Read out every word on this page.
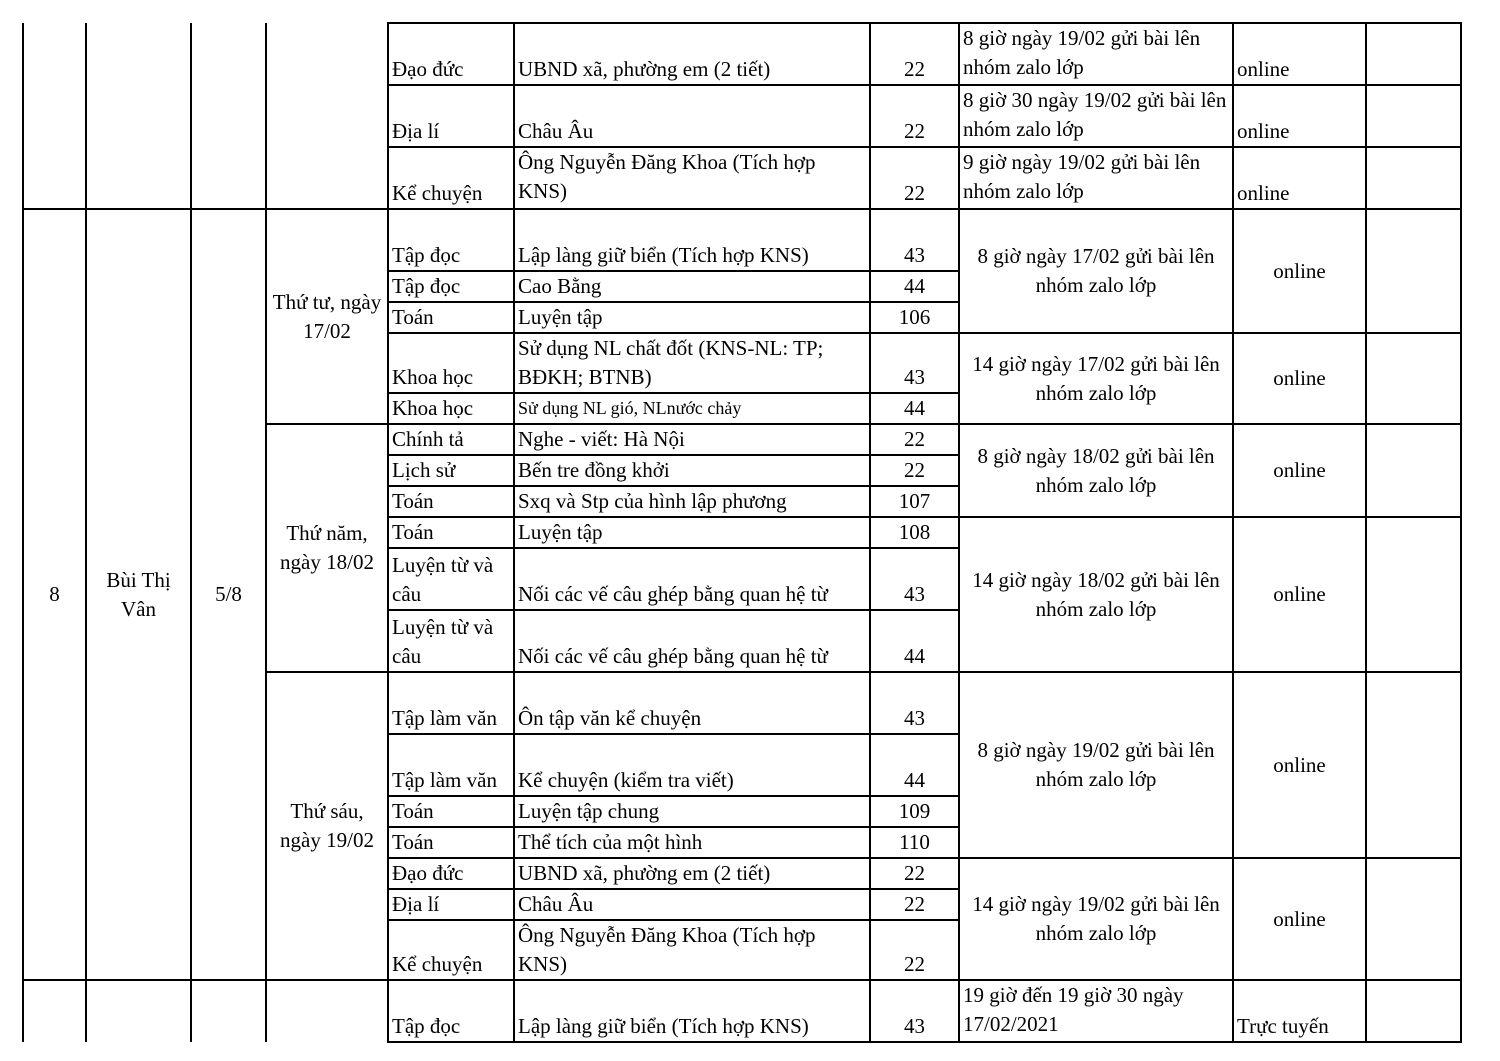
				Đạo đức	UBND xã, phường em (2 tiết)	22	8 giờ ngày 19/02 gửi bài lên nhóm zalo lớp	online	
				Địa lí	Châu Âu	22	8 giờ 30 ngày 19/02 gửi bài lên nhóm zalo lớp	online	
				Kể chuyện	Ông Nguyễn Đăng Khoa (Tích hợp KNS)	22	9 giờ ngày 19/02 gửi bài lên nhóm zalo lớp	online	
8	Bùi Thị Vân	5/8	Thứ tư, ngày 17/02	Tập đọc	Lập làng giữ biển (Tích hợp KNS)	43	8 giờ ngày 17/02 gửi bài lên nhóm zalo lớp	online	
				Tập đọc	Cao Bằng	44			
				Toán	Luyện tập	106			
				Khoa học	Sử dụng NL chất đốt (KNS-NL: TP; BĐKH; BTNB)	43	14 giờ ngày 17/02 gửi bài lên nhóm zalo lớp	online	
				Khoa học	Sử dụng NL gió, NLnước chảy	44			
			Thứ năm, ngày 18/02	Chính tả	Nghe - viết: Hà Nội	22	8 giờ ngày 18/02 gửi bài lên nhóm zalo lớp	online	
				Lịch sử	Bến tre đồng khởi	22			
				Toán	Sxq và Stp của hình lập phương	107			
				Toán	Luyện tập	108	14 giờ ngày 18/02 gửi bài lên nhóm zalo lớp	online	
				Luyện từ và câu	Nối các vế câu ghép bằng quan hệ từ	43			
				Luyện từ và câu	Nối các vế câu ghép bằng quan hệ từ	44			
			Thứ sáu, ngày 19/02	Tập làm văn	Ôn tập văn kể chuyện	43	8 giờ ngày 19/02 gửi bài lên nhóm zalo lớp	online	
				Tập làm văn	Kể chuyện (kiểm tra viết)	44			
				Toán	Luyện tập chung	109			
				Toán	Thể tích của một hình	110			
				Đạo đức	UBND xã, phường em (2 tiết)	22	14 giờ ngày 19/02 gửi bài lên nhóm zalo lớp	online	
				Địa lí	Châu Âu	22			
				Kể chuyện	Ông Nguyễn Đăng Khoa (Tích hợp KNS)	22			
				Tập đọc	Lập làng giữ biển (Tích hợp KNS)	43	19 giờ đến 19 giờ 30 ngày 17/02/2021	Trực tuyến	
